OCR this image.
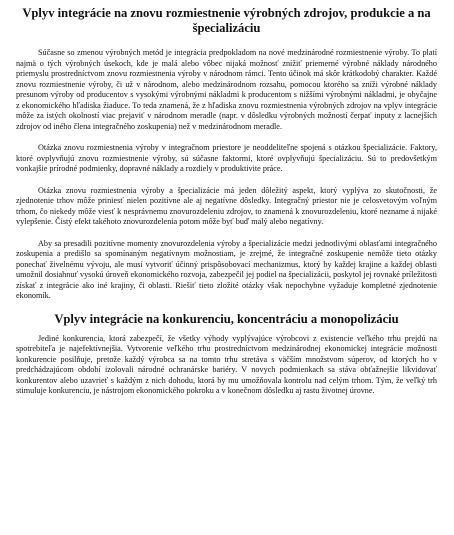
Vplyv integrácie na znovu rozmiestnenie výrobných zdrojov, produkcie a na špecializáciu

Súčasne so zmenou výrobných metód je integrácia predpokladom na nové medzinárodné rozmiestnenie výroby. To platí najmä o tých výrobných úsekoch, kde je malá alebo vôbec nijaká možnosť znížiť priemerné výrobné náklady národného priemyslu prostredníctvom znovu rozmiestnenia výroby v národnom rámci. Tento účinok má skôr krátkodobý charakter. Každé znovu rozmiestnenie výroby, či už v národnom, alebo medzinárodnom rozsahu, pomocou ktorého sa zníži výrobné náklady presunom výroby od producentov s vysokými výrobnými nákladmi k producentom s nižšími výrobnými nákladmi, je obyčajne z ekonomického hľadiska žiaduce. To teda znamená, že z hľadiska znovu rozmiestnenia výrobných zdrojov na vplyv integrácie môže za istých okolností viac prejaviť v národnom meradle (napr. v dôsledku výrobných možností čerpať inputy z lacnejších zdrojov od iného člena integračného zoskupenia) než v medzinárodnom meradle.

Otázka znovu rozmiestnenia výroby v integračnom priestore je neoddeliteľne spojená s otázkou špecializácie. Faktory, ktoré ovplyvňujú znovu rozmiestnenie výroby, sú súčasne faktormi, ktoré ovplyvňujú špecializáciu. Sú to predovšetkým vonkajšie prírodné podmienky, dopravné náklady a rozdiely v produktivite práce.

Otázka znovu rozmiestnenia výroby a špecializácie má jeden dôležitý aspekt, ktorý vyplýva zo skutočnosti, že zjednotenie trhov môže priniesť nielen pozitívne ale aj negatívne dôsledky. Integračný priestor nie je celosvetovým voľným trhom, čo niekedy môže viesť k nesprávnemu znovurozdeleniu zdrojov, to znamená k znovurozdeleniu, ktoré nezname á nijaké vylepšenie. Čistý efekt takéhoto znovurozdelenia potom môže byť buď malý alebo negatívny.

Aby sa presadili pozitívne momenty znovurozdelenia výroby a špecializácie medzi jednotlivými oblasťami integračného zoskupenia a predišlo sa spomínaným negatívnym možnostiam, je zrejmé, že integračné zoskupenie nemôže tieto otázky ponechať živelnému vývoju, ale musí vytvoriť účinný prispôsobovací mechanizmus, ktorý by každej krajine a každej oblasti umožnil dosiahnuť vysokú úroveň ekonomického rozvoja, zabezpečil jej podiel na špecializácii, poskytol jej rovnaké príležitosti získať z integrácie ako iné krajiny, či oblasti. Riešiť tieto zložité otázky však nepochybne vyžaduje kompletné zjednotenie ekonomík.

Vplyv integrácie na konkurenciu, koncentráciu a monopolizáciu

Jediné konkurencia, ktorá zabezpečí, že všetky výhody vyplývajúce výrobcovi z existencie veľkého trhu prejdú na spotrebiteľa je najefektívnejšia. Vytvorenie veľkého trhu prostredníctvom medzinárodnej ekonomickej integrácie možnosti konkurencie posilňuje, pretože každý výrobca sa na tomto trhu stretáva s väčším množstvom súperov, od ktorých ho v predchádzajúcom období izolovali národné ochranárske bariéry. V novych podmienkach sa stáva obťažnejšie likvidovať konkurentov alebo uzavrieť s každým z nich dohodu, ktorá by mu umožňovala kontrolu nad celým trhom. Tým, že veľký trh stimuluje konkurenciu, je nástrojom ekonomického pokroku a v konečnom dôsledku aj rastu životnej úrovne.
